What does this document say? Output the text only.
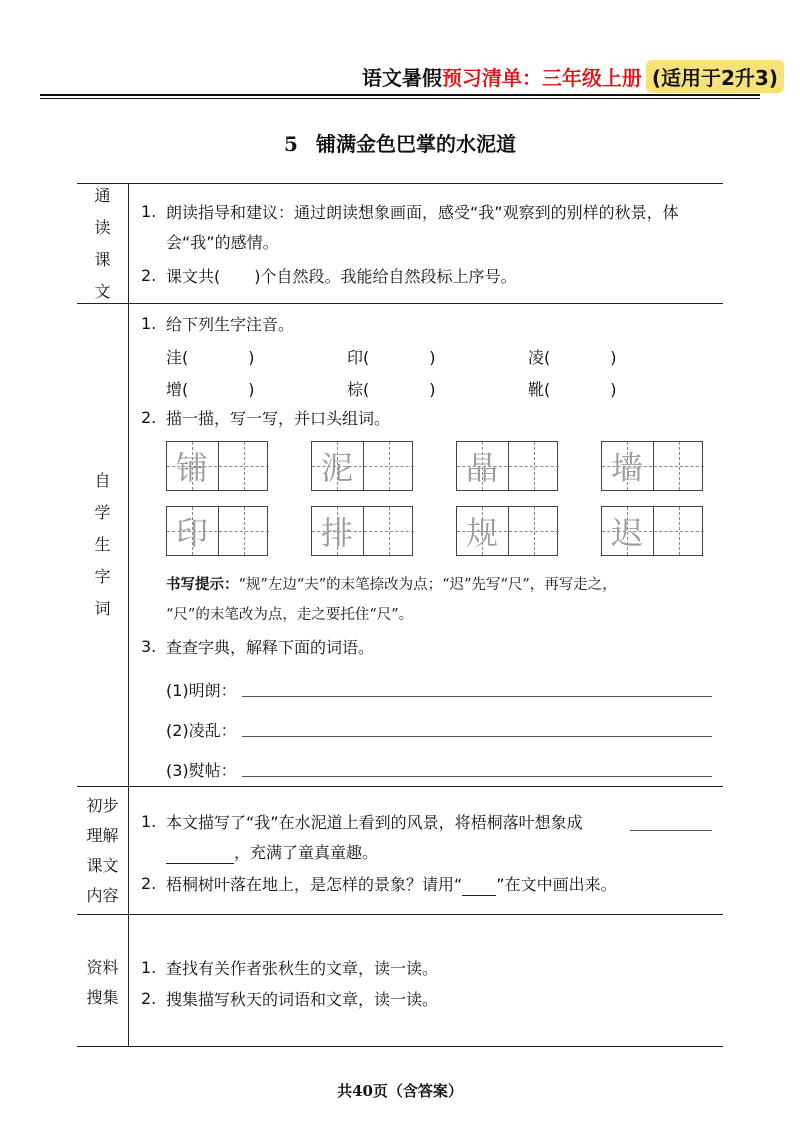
语文暑假 预习清单：三年级上册 (适用于2升3)
5 铺满金色巴掌的水泥道
通
读
课
文
1. 朗读指导和建议：通过朗读想象画面，感受“我”观察到的别样的秋景，体
会“我”的感情。
2. 课文共( )个自然段。我能给自然段标上序号。
自
学
生
字
词
1. 给下列生字注音。
洼(	)	印(	)	凌(	)
增(	)	棕(	)	靴(	)
2. 描一描，写一写，并口头组词。
铺	泥	晶	墙
印	排	规	迟
书写提示：“规”左边“夫”的末笔捺改为点；“迟”先写“尺”，再写走之，
“尺”的末笔改为点，走之要托住“尺”。
3. 查查字典，解释下面的词语。
(1)明朗：
(2)凌乱：
(3)熨帖：
初步
理解
课文
内容
1. 本文描写了“我”在水泥道上看到的风景，将梧桐落叶想象成
，充满了童真童趣。
2. 梧桐树叶落在地上，是怎样的景象？请用“ ”在文中画出来。
资料
搜集
1. 查找有关作者张秋生的文章，读一读。
2. 搜集描写秋天的词语和文章，读一读。
共40页（含答案）
